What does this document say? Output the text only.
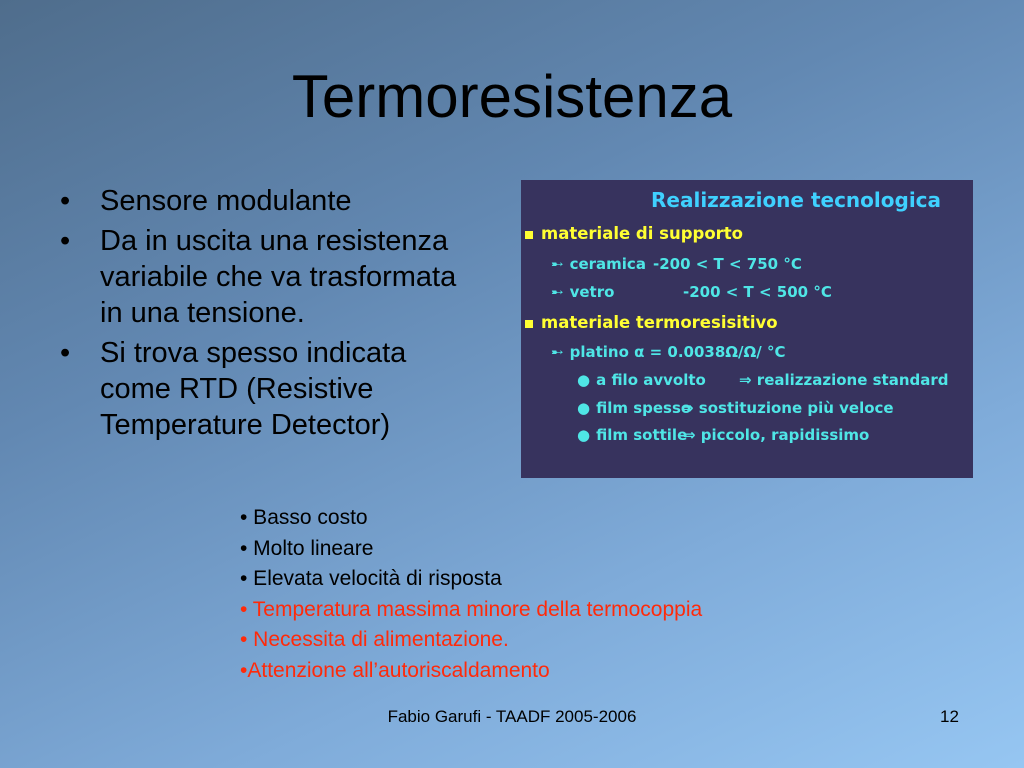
Termoresistenza
• Sensore modulante
• Da in uscita una resistenza variabile che va trasformata in una tensione.
• Si trova spesso indicata come RTD (Resistive Temperature Detector)
Realizzazione tecnologica
materiale di supporto
➸ ceramica -200 < T < 750 °C
➸ vetro	-200 < T < 500 °C
materiale termoresisitivo
➸ platino α = 0.0038Ω/Ω/ °C
● a filo avvolto ⇒ realizzazione standard
● film spesso
⇒ sostituzione più veloce
● film sottile
⇒ piccolo, rapidissimo
• Basso costo
• Molto lineare
• Elevata velocità di risposta
• Temperatura massima minore della termocoppia
• Necessita di alimentazione.
•Attenzione all’autoriscaldamento
Fabio Garufi - TAADF 2005-2006	12
